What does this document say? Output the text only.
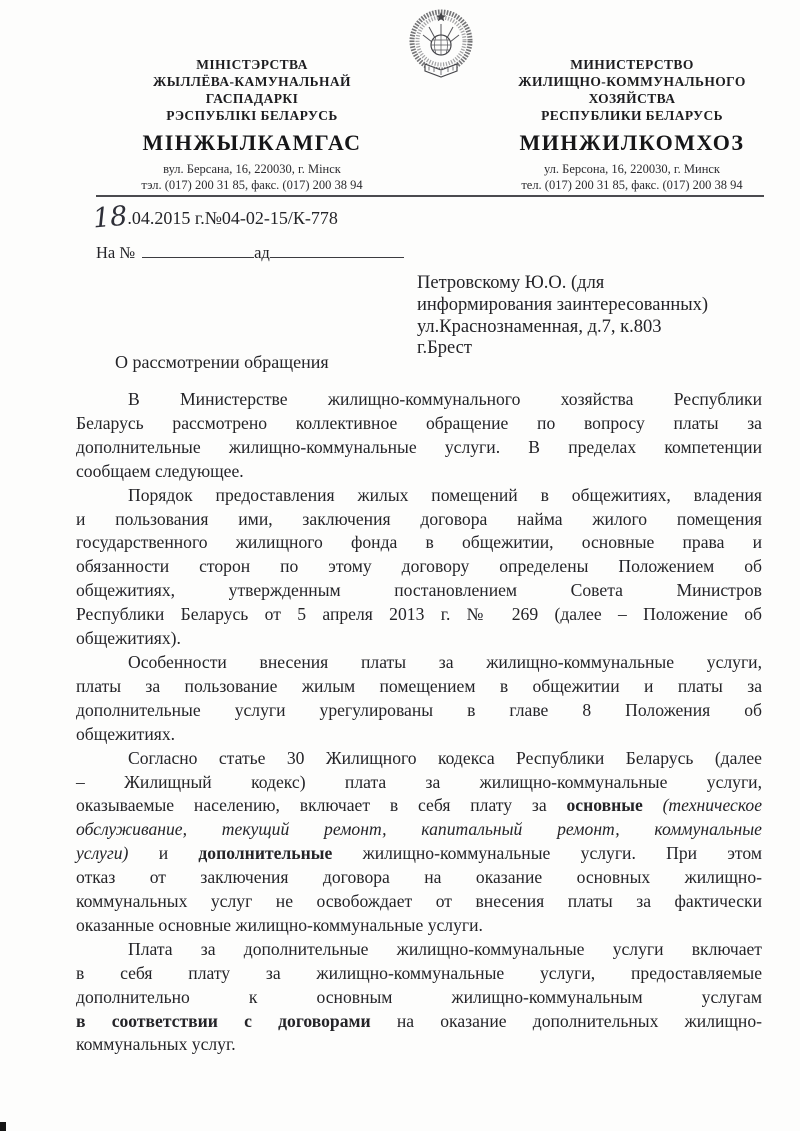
МІНІСТЭРСТВА
ЖЫЛЛЁВА-КАМУНАЛЬНАЙ
ГАСПАДАРКІ
РЭСПУБЛІКІ БЕЛАРУСЬ
МІНЖЫЛКАМГАС
вул. Берсана, 16, 220030, г. Мінск
тэл. (017) 200 31 85, факс. (017) 200 38 94
МИНИСТЕРСТВО
ЖИЛИЩНО-КОММУНАЛЬНОГО
ХОЗЯЙСТВА
РЕСПУБЛИКИ БЕЛАРУСЬ
МИНЖИЛКОМХОЗ
ул. Берсона, 16, 220030, г. Минск
тел. (017) 200 31 85, факс. (017) 200 38 94
18.04.2015 г.№04-02-15/К-778
На №	ад
Петровскому Ю.О. (для
информирования заинтересованных)
ул.Краснознаменная, д.7, к.803
г.Брест
О рассмотрении обращения
В Министерстве жилищно-коммунального хозяйства Республики
Беларусь рассмотрено коллективное обращение по вопросу платы за
дополнительные жилищно-коммунальные услуги. В пределах компетенции
сообщаем следующее.
Порядок предоставления жилых помещений в общежитиях, владения
и пользования ими, заключения договора найма жилого помещения
государственного жилищного фонда в общежитии, основные права и
обязанности сторон по этому договору определены Положением об
общежитиях, утвержденным постановлением Совета Министров
Республики Беларусь от 5 апреля 2013 г. № 269 (далее – Положение об
общежитиях).
Особенности внесения платы за жилищно-коммунальные услуги,
платы за пользование жилым помещением в общежитии и платы за
дополнительные услуги урегулированы в главе 8 Положения об
общежитиях.
Согласно статье 30 Жилищного кодекса Республики Беларусь (далее
– Жилищный кодекс) плата за жилищно-коммунальные услуги,
оказываемые населению, включает в себя плату за основные (техническое
обслуживание, текущий ремонт, капитальный ремонт, коммунальные
услуги) и дополнительные жилищно-коммунальные услуги. При этом
отказ от заключения договора на оказание основных жилищно-
коммунальных услуг не освобождает от внесения платы за фактически
оказанные основные жилищно-коммунальные услуги.
Плата за дополнительные жилищно-коммунальные услуги включает
в себя плату за жилищно-коммунальные услуги, предоставляемые
дополнительно к основным жилищно-коммунальным услугам
в соответствии с договорами на оказание дополнительных жилищно-
коммунальных услуг.
